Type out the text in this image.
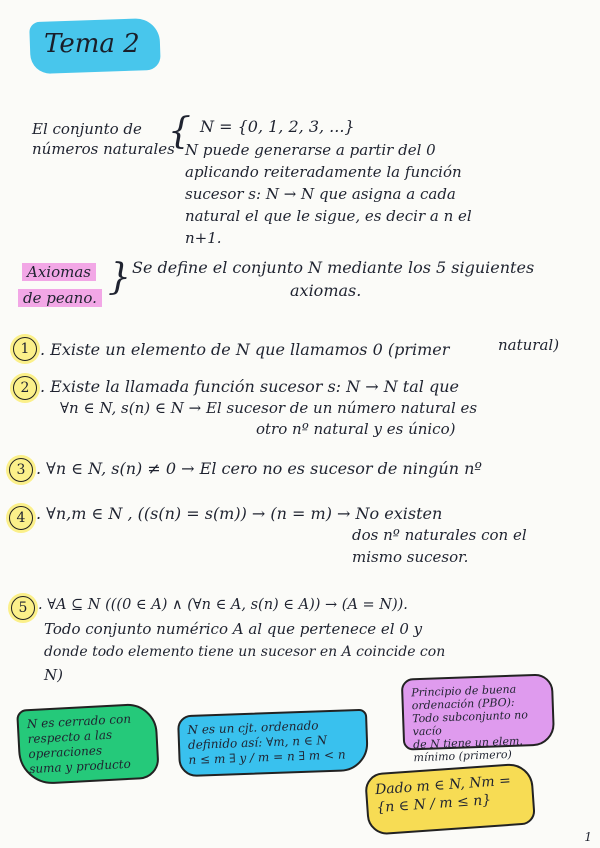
Tema 2
El conjunto de
números naturales
{ N = {0, 1, 2, 3, ...}
N puede generarse a partir del 0
aplicando reiteradamente la función
sucesor s: N → N que asigna a cada
natural el que le sigue, es decir a n el
n+1.
Axiomas
de peano. } Se define el conjunto N mediante los 5 siguientes
axiomas.
1 . Existe un elemento de N que llamamos 0 (primer	natural)
2 . Existe la llamada función sucesor s: N → N tal que
∀n ∈ N, s(n) ∈ N → El sucesor de un número natural es
otro nº natural y es único)
3 . ∀n ∈ N, s(n) ≠ 0 → El cero no es sucesor de ningún nº
4 . ∀n,m ∈ N , ((s(n) = s(m)) → (n = m) → No existen
dos nº naturales con el
mismo sucesor.
5 . ∀A ⊆ N (((0 ∈ A) ∧ (∀n ∈ A, s(n) ∈ A)) → (A = N)).
Todo conjunto numérico A al que pertenece el 0 y
donde todo elemento tiene un sucesor en A coincide con
N)
N es cerrado con
respecto a las
operaciones
suma y producto
N es un cjt. ordenado
definido así: ∀m, n ∈ N
n ≤ m ∃ y / m = n ∃ m < n
Principio de buena
ordenación (PBO):
Todo subconjunto no vacío
de N tiene un elem.
mínimo (primero)
Dado m ∈ N, Nm =
{n ∈ N / m ≤ n}
1
